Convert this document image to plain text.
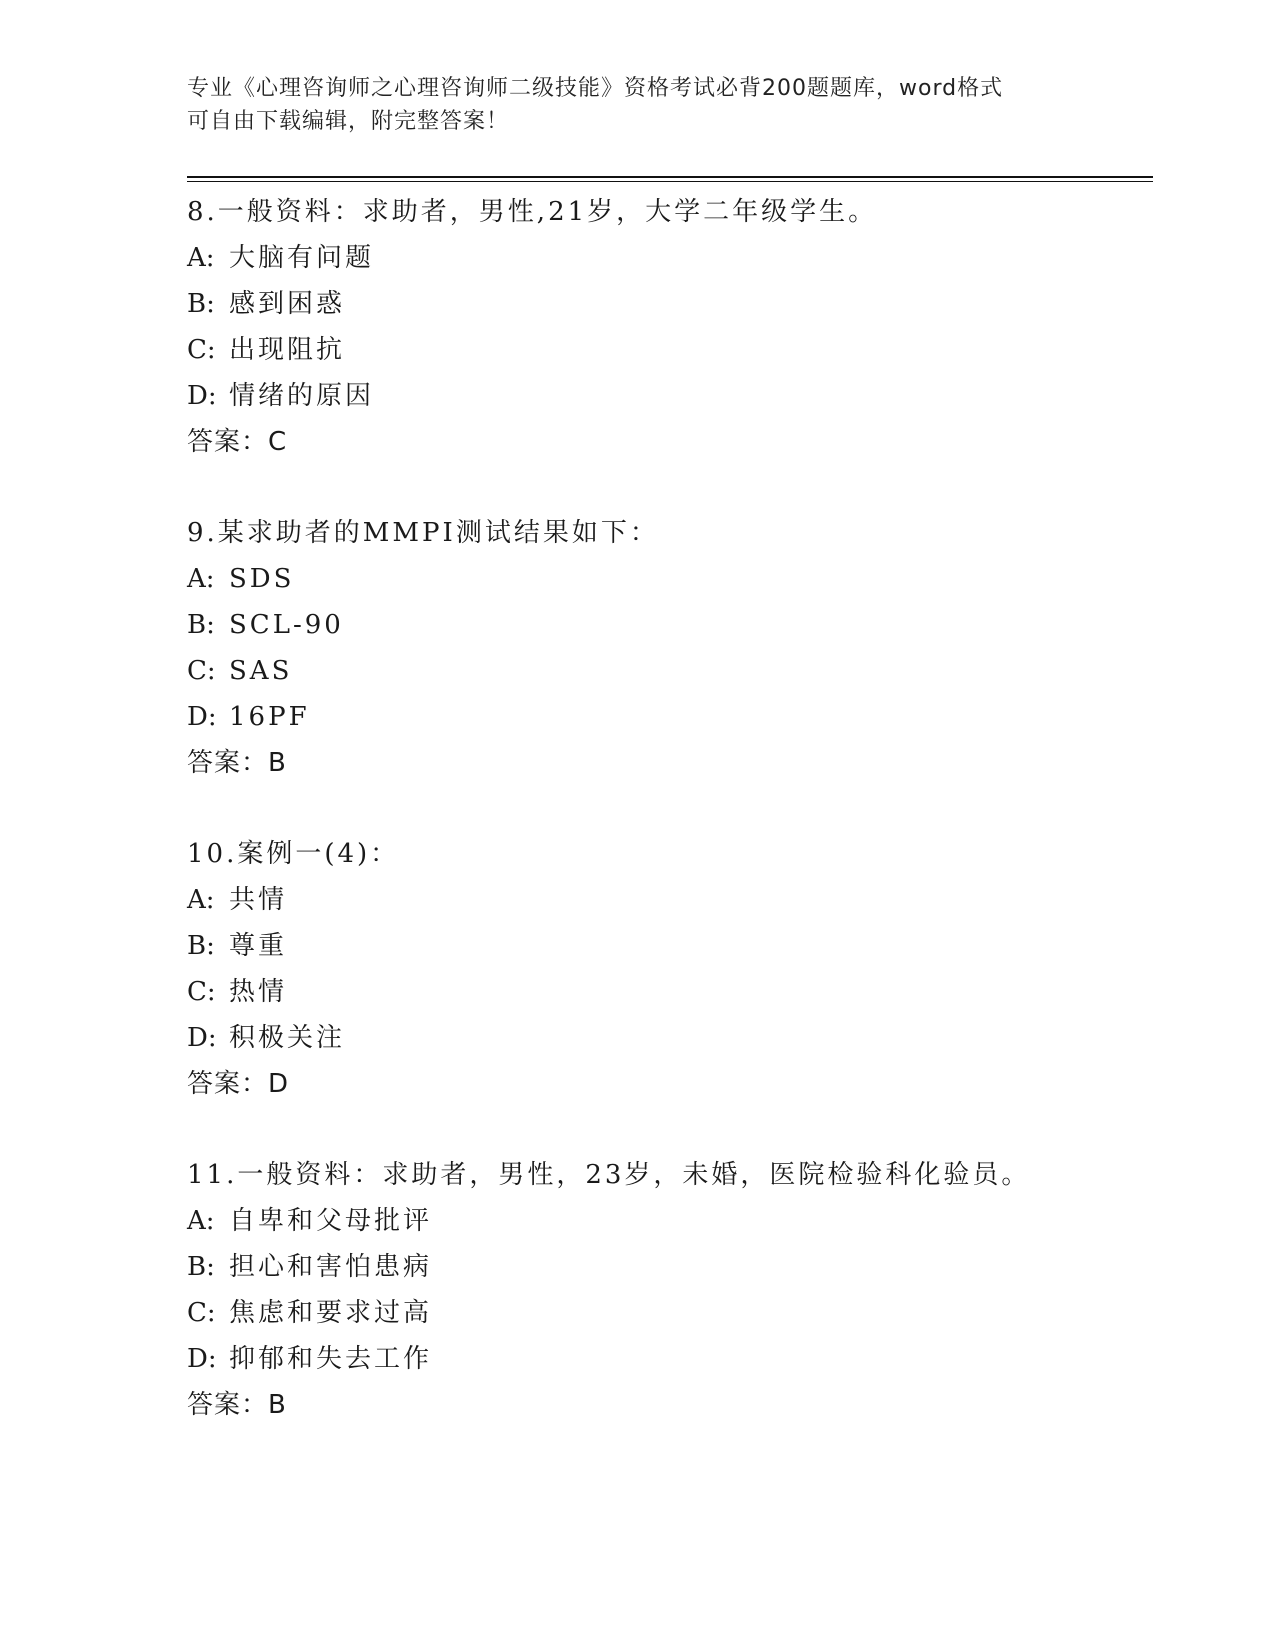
专业《心理咨询师之心理咨询师二级技能》资格考试必背200题题库，word格式
可自由下载编辑，附完整答案！
8.一般资料：求助者，男性,21岁，大学二年级学生。
A: 大脑有问题
B: 感到困惑
C: 出现阻抗
D: 情绪的原因
答案：C
9.某求助者的MMPI测试结果如下：
A: SDS
B: SCL-90
C: SAS
D: 16PF
答案：B
10.案例一(4)：
A: 共情
B: 尊重
C: 热情
D: 积极关注
答案：D
11.一般资料：求助者，男性，23岁，未婚，医院检验科化验员。
A: 自卑和父母批评
B: 担心和害怕患病
C: 焦虑和要求过高
D: 抑郁和失去工作
答案：B
